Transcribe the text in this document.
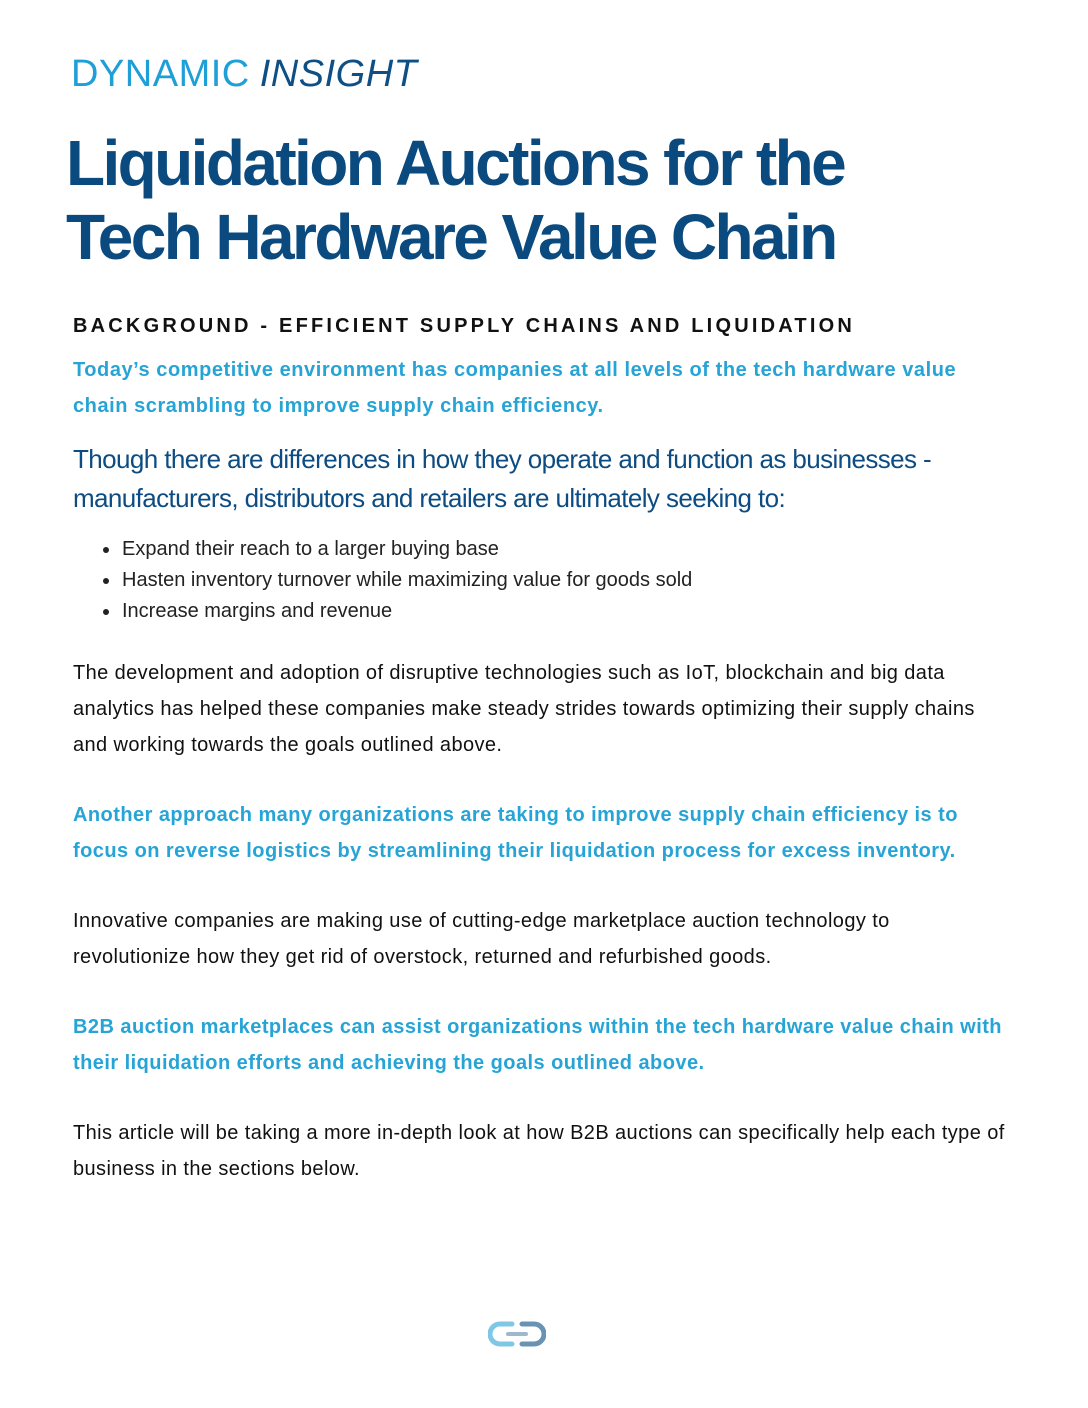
DYNAMIC INSIGHT
Liquidation Auctions for the
Tech Hardware Value Chain
BACKGROUND - EFFICIENT SUPPLY CHAINS AND LIQUIDATION

Today’s competitive environment has companies at all levels of the tech hardware value chain scrambling to improve supply chain efficiency.

Though there are differences in how they operate and function as businesses - manufacturers, distributors and retailers are ultimately seeking to:

Expand their reach to a larger buying base
Hasten inventory turnover while maximizing value for goods sold
Increase margins and revenue

The development and adoption of disruptive technologies such as IoT, blockchain and big data analytics has helped these companies make steady strides towards optimizing their supply chains and working towards the goals outlined above.

Another approach many organizations are taking to improve supply chain efficiency is to focus on reverse logistics by streamlining their liquidation process for excess inventory.

Innovative companies are making use of cutting-edge marketplace auction technology to revolutionize how they get rid of overstock, returned and refurbished goods.

B2B auction marketplaces can assist organizations within the tech hardware value chain with their liquidation efforts and achieving the goals outlined above.

This article will be taking a more in-depth look at how B2B auctions can specifically help each type of business in the sections below.
